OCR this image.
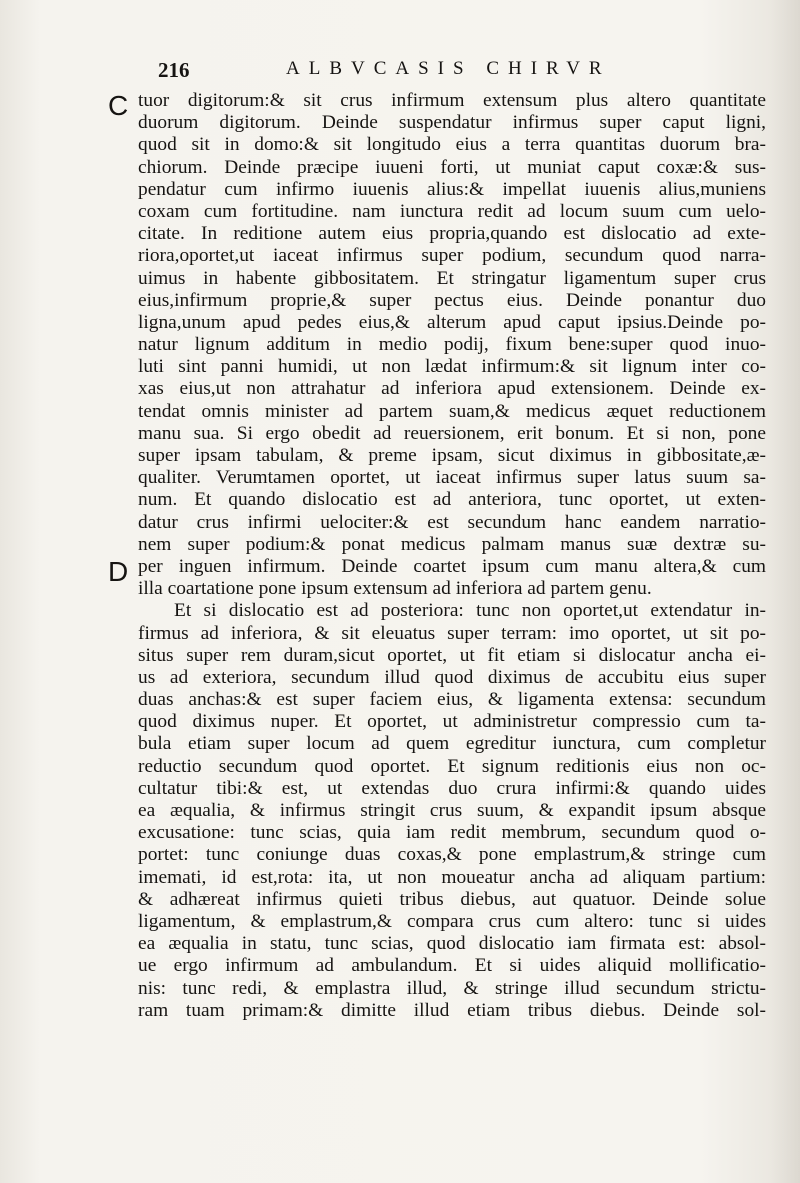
216	ALBVCASIS CHIRVR
C
D
tuor digitorum:& sit crus infirmum extensum plus altero quantitate
duorum digitorum. Deinde suspendatur infirmus super caput ligni,
quod sit in domo:& sit longitudo eius a terra quantitas duorum bra-
chiorum. Deinde præcipe iuueni forti, ut muniat caput coxæ:& sus-
pendatur cum infirmo iuuenis alius:& impellat iuuenis alius,muniens
coxam cum fortitudine. nam iunctura redit ad locum suum cum uelo-
citate. In reditione autem eius propria,quando est dislocatio ad exte-
riora,oportet,ut iaceat infirmus super podium, secundum quod narra-
uimus in habente gibbositatem. Et stringatur ligamentum super crus
eius,infirmum proprie,& super pectus eius. Deinde ponantur duo
ligna,unum apud pedes eius,& alterum apud caput ipsius.Deinde po-
natur lignum additum in medio podij, fixum bene:super quod inuo-
luti sint panni humidi, ut non lædat infirmum:& sit lignum inter co-
xas eius,ut non attrahatur ad inferiora apud extensionem. Deinde ex-
tendat omnis minister ad partem suam,& medicus æquet reductionem
manu sua. Si ergo obedit ad reuersionem, erit bonum. Et si non, pone
super ipsam tabulam, & preme ipsam, sicut diximus in gibbositate,æ-
qualiter. Verumtamen oportet, ut iaceat infirmus super latus suum sa-
num. Et quando dislocatio est ad anteriora, tunc oportet, ut exten-
datur crus infirmi uelociter:& est secundum hanc eandem narratio-
nem super podium:& ponat medicus palmam manus suæ dextræ su-
per inguen infirmum. Deinde coartet ipsum cum manu altera,& cum
illa coartatione pone ipsum extensum ad inferiora ad partem genu.
Et si dislocatio est ad posteriora: tunc non oportet,ut extendatur in-
firmus ad inferiora, & sit eleuatus super terram: imo oportet, ut sit po-
situs super rem duram,sicut oportet, ut fit etiam si dislocatur ancha ei-
us ad exteriora, secundum illud quod diximus de accubitu eius super
duas anchas:& est super faciem eius, & ligamenta extensa: secundum
quod diximus nuper. Et oportet, ut administretur compressio cum ta-
bula etiam super locum ad quem egreditur iunctura, cum completur
reductio secundum quod oportet. Et signum reditionis eius non oc-
cultatur tibi:& est, ut extendas duo crura infirmi:& quando uides
ea æqualia, & infirmus stringit crus suum, & expandit ipsum absque
excusatione: tunc scias, quia iam redit membrum, secundum quod o-
portet: tunc coniunge duas coxas,& pone emplastrum,& stringe cum
imemati, id est,rota: ita, ut non moueatur ancha ad aliquam partium:
& adhæreat infirmus quieti tribus diebus, aut quatuor. Deinde solue
ligamentum, & emplastrum,& compara crus cum altero: tunc si uides
ea æqualia in statu, tunc scias, quod dislocatio iam firmata est: absol-
ue ergo infirmum ad ambulandum. Et si uides aliquid mollificatio-
nis: tunc redi, & emplastra illud, & stringe illud secundum strictu-
ram tuam primam:& dimitte illud etiam tribus diebus. Deinde sol-
